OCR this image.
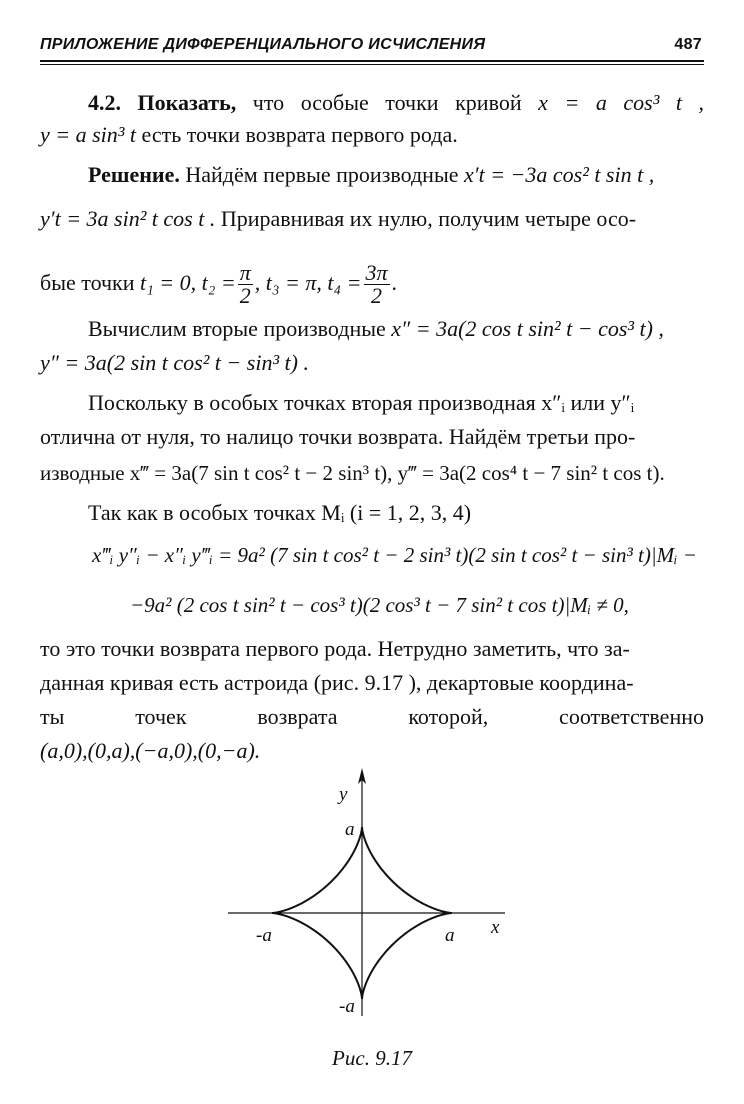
ПРИЛОЖЕНИЕ ДИФФЕРЕНЦИАЛЬНОГО ИСЧИСЛЕНИЯ	487
4.2. Показать, что особые точки кривой x = a cos³ t ,
y = a sin³ t есть точки возврата первого рода.
Решение. Найдём первые производные x′t = −3a cos² t sin t ,
y′t = 3a sin² t cos t . Приравнивая их нулю, получим четыре осо-
бые точки t₁ = 0, $t_2 = \frac{\pi}{2}$ , t₃ = π, $t_4 = \frac{3\pi}{2}$ .
Вычислим вторые производные x″ = 3a(2 cos t sin² t − cos³ t) ,
y″ = 3a(2 sin t cos² t − sin³ t) .
Поскольку в особых точках вторая производная x″ᵢ или y″ᵢ
отлична от нуля, то налицо точки возврата. Найдём третьи про-
изводные x‴ = 3a(7 sin t cos² t − 2 sin³ t), y‴ = 3a(2 cos⁴ t − 7 sin² t cos t).
Так как в особых точках Mᵢ (i = 1, 2, 3, 4)
x‴ᵢ y″ᵢ − x″ᵢ y‴ᵢ = 9a² (7 sin t cos² t − 2 sin³ t)(2 sin t cos² t − sin³ t)|Mᵢ −
−9a² (2 cos t sin² t − cos³ t)(2 cos³ t − 7 sin² t cos t)|Mᵢ ≠ 0,
то это точки возврата первого рода. Нетрудно заметить, что за-
данная кривая есть астроида (рис. 9.17 ), декартовые координа-
ты точек возврата которой, соответственно
(a,0),(0,a),(−a,0),(0,−a).
y
a
-a	a x
-a
Рис. 9.17
